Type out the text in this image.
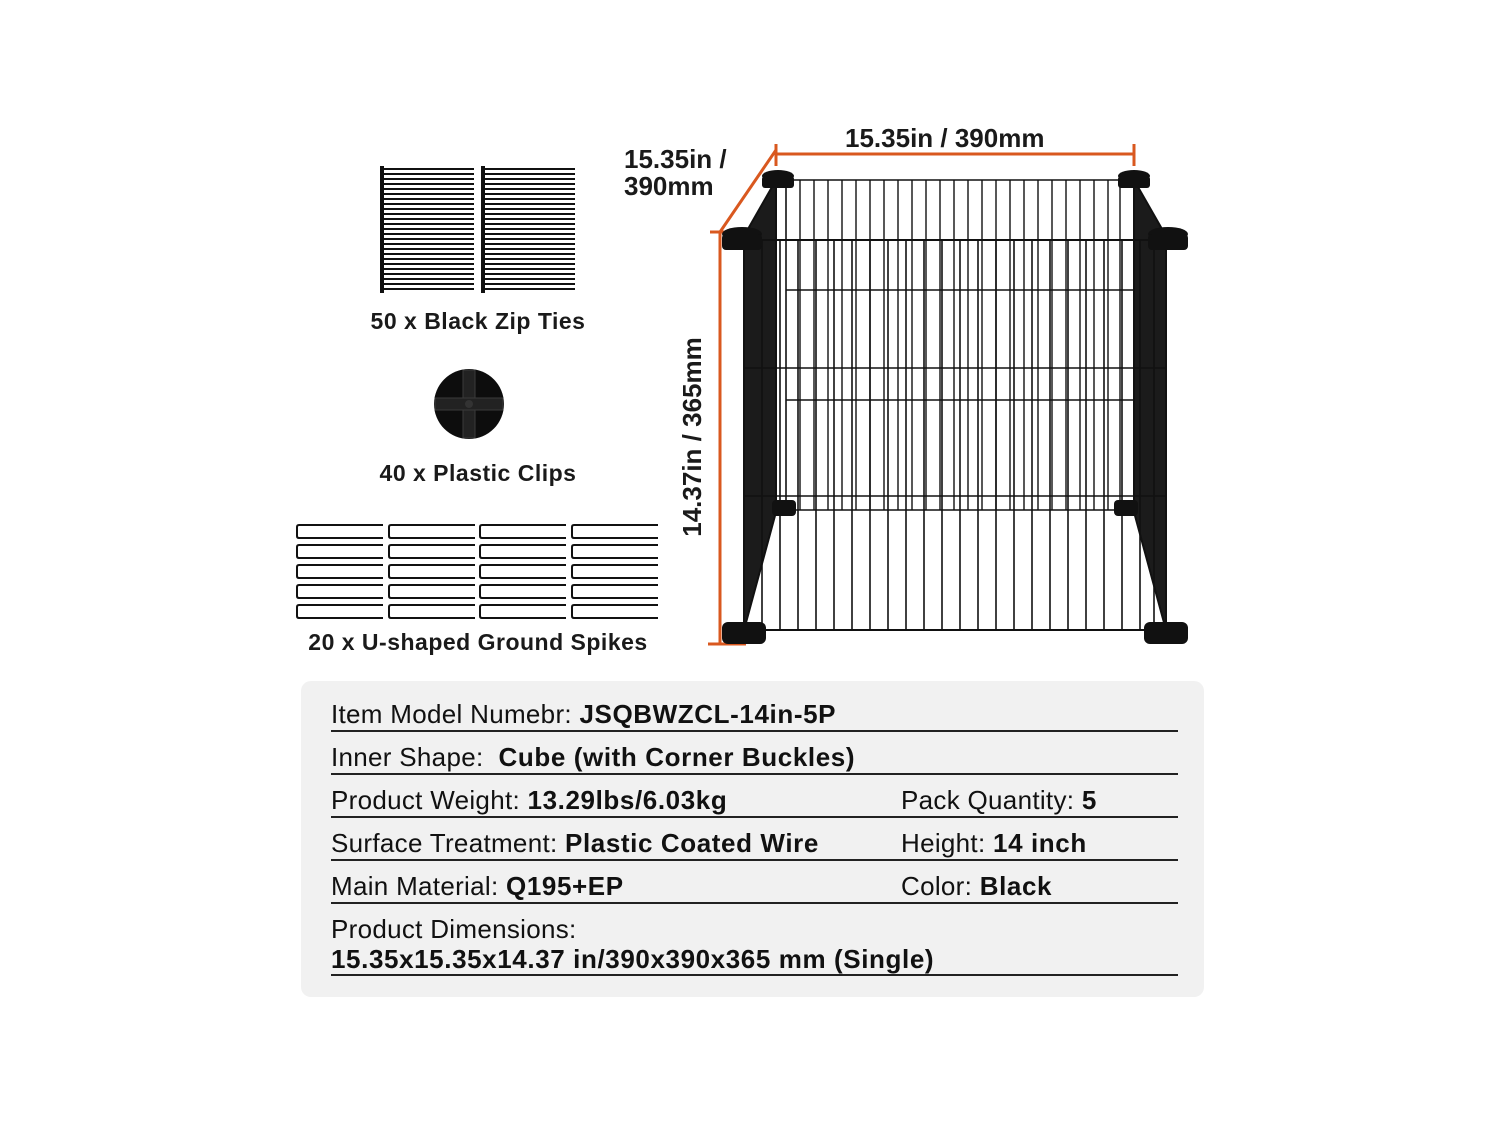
50 x Black Zip Ties
40 x Plastic Clips
20 x U-shaped Ground Spikes
15.35in / 390mm
15.35in /
390mm
14.37in / 365mm
Item Model Numebr: JSQBWZCL-14in-5P
Inner Shape:  Cube (with Corner Buckles)
Product Weight: 13.29lbs/6.03kg	Pack Quantity: 5
Surface Treatment: Plastic Coated Wire	Height: 14 inch
Main Material: Q195+EP	Color: Black
Product Dimensions:
15.35x15.35x14.37 in/390x390x365 mm (Single)
